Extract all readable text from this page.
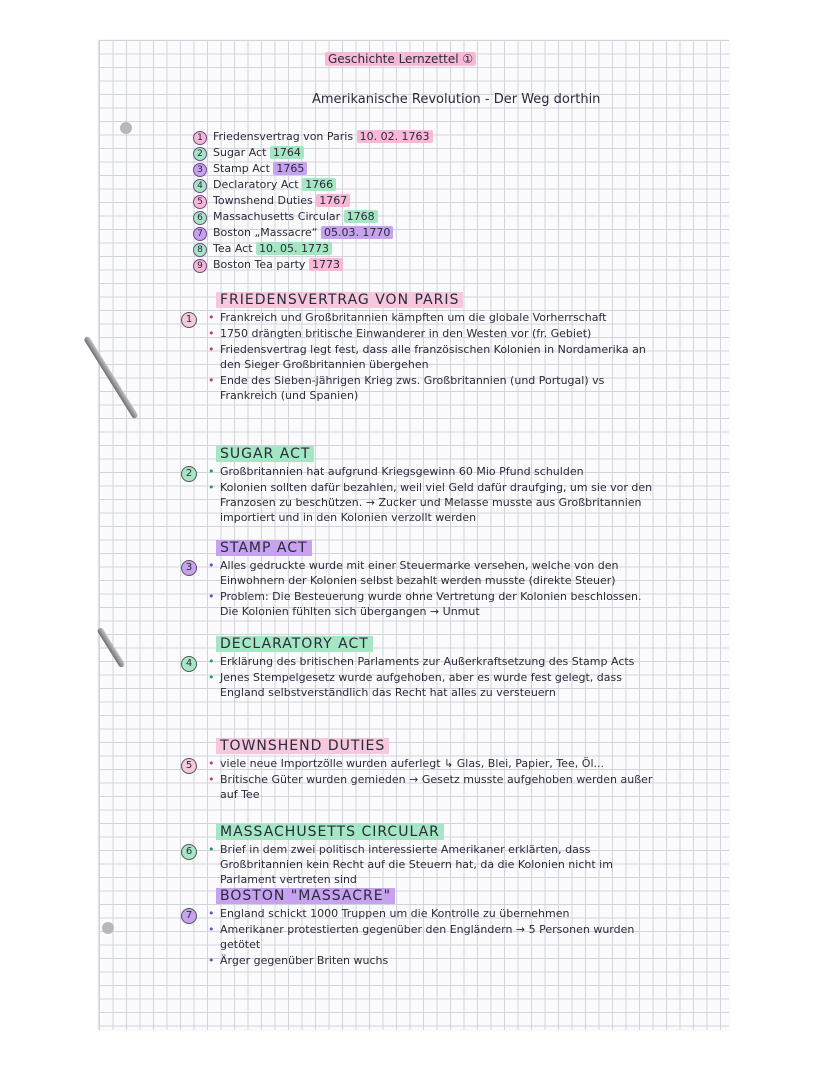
Geschichte Lernzettel ①
Amerikanische Revolution - Der Weg dorthin
1 Friedensvertrag von Paris 10. 02. 1763
2 Sugar Act 1764
3 Stamp Act 1765
4 Declaratory Act 1766
5 Townshend Duties 1767
6 Massachusetts Circular 1768
7 Boston „Massacre“ 05.03. 1770
8 Tea Act 10. 05. 1773
9 Boston Tea party 1773
FRIEDENSVERTRAG VON PARIS
1	• Frankreich und Großbritannien kämpften um die globale Vorherrschaft
• 1750 drängten britische Einwanderer in den Westen vor (fr. Gebiet)
• Friedensvertrag legt fest, dass alle französischen Kolonien in Nordamerika an den Sieger Großbritannien übergehen
• Ende des Sieben-jährigen Krieg zws. Großbritannien (und Portugal) vs Frankreich (und Spanien)
SUGAR ACT
2	• Großbritannien hat aufgrund Kriegsgewinn 60 Mio Pfund schulden
• Kolonien sollten dafür bezahlen, weil viel Geld dafür draufging, um sie vor den Franzosen zu beschützen. → Zucker und Melasse musste aus Großbritannien importiert und in den Kolonien verzollt werden
STAMP ACT
3	• Alles gedruckte wurde mit einer Steuermarke versehen, welche von den Einwohnern der Kolonien selbst bezahlt werden musste (direkte Steuer)
• Problem: Die Besteuerung wurde ohne Vertretung der Kolonien beschlossen. Die Kolonien fühlten sich übergangen → Unmut
DECLARATORY ACT
4	• Erklärung des britischen Parlaments zur Außerkraftsetzung des Stamp Acts
• Jenes Stempelgesetz wurde aufgehoben, aber es wurde fest gelegt, dass England selbstverständlich das Recht hat alles zu versteuern
TOWNSHEND DUTIES
5	• viele neue Importzölle wurden auferlegt ↳ Glas, Blei, Papier, Tee, Öl...
• Britische Güter wurden gemieden → Gesetz musste aufgehoben werden außer auf Tee
MASSACHUSETTS CIRCULAR
6	• Brief in dem zwei politisch interessierte Amerikaner erklärten, dass Großbritannien kein Recht auf die Steuern hat, da die Kolonien nicht im Parlament vertreten sind
BOSTON "MASSACRE"
7	• England schickt 1000 Truppen um die Kontrolle zu übernehmen
• Amerikaner protestierten gegenüber den Engländern → 5 Personen wurden getötet
• Ärger gegenüber Briten wuchs
